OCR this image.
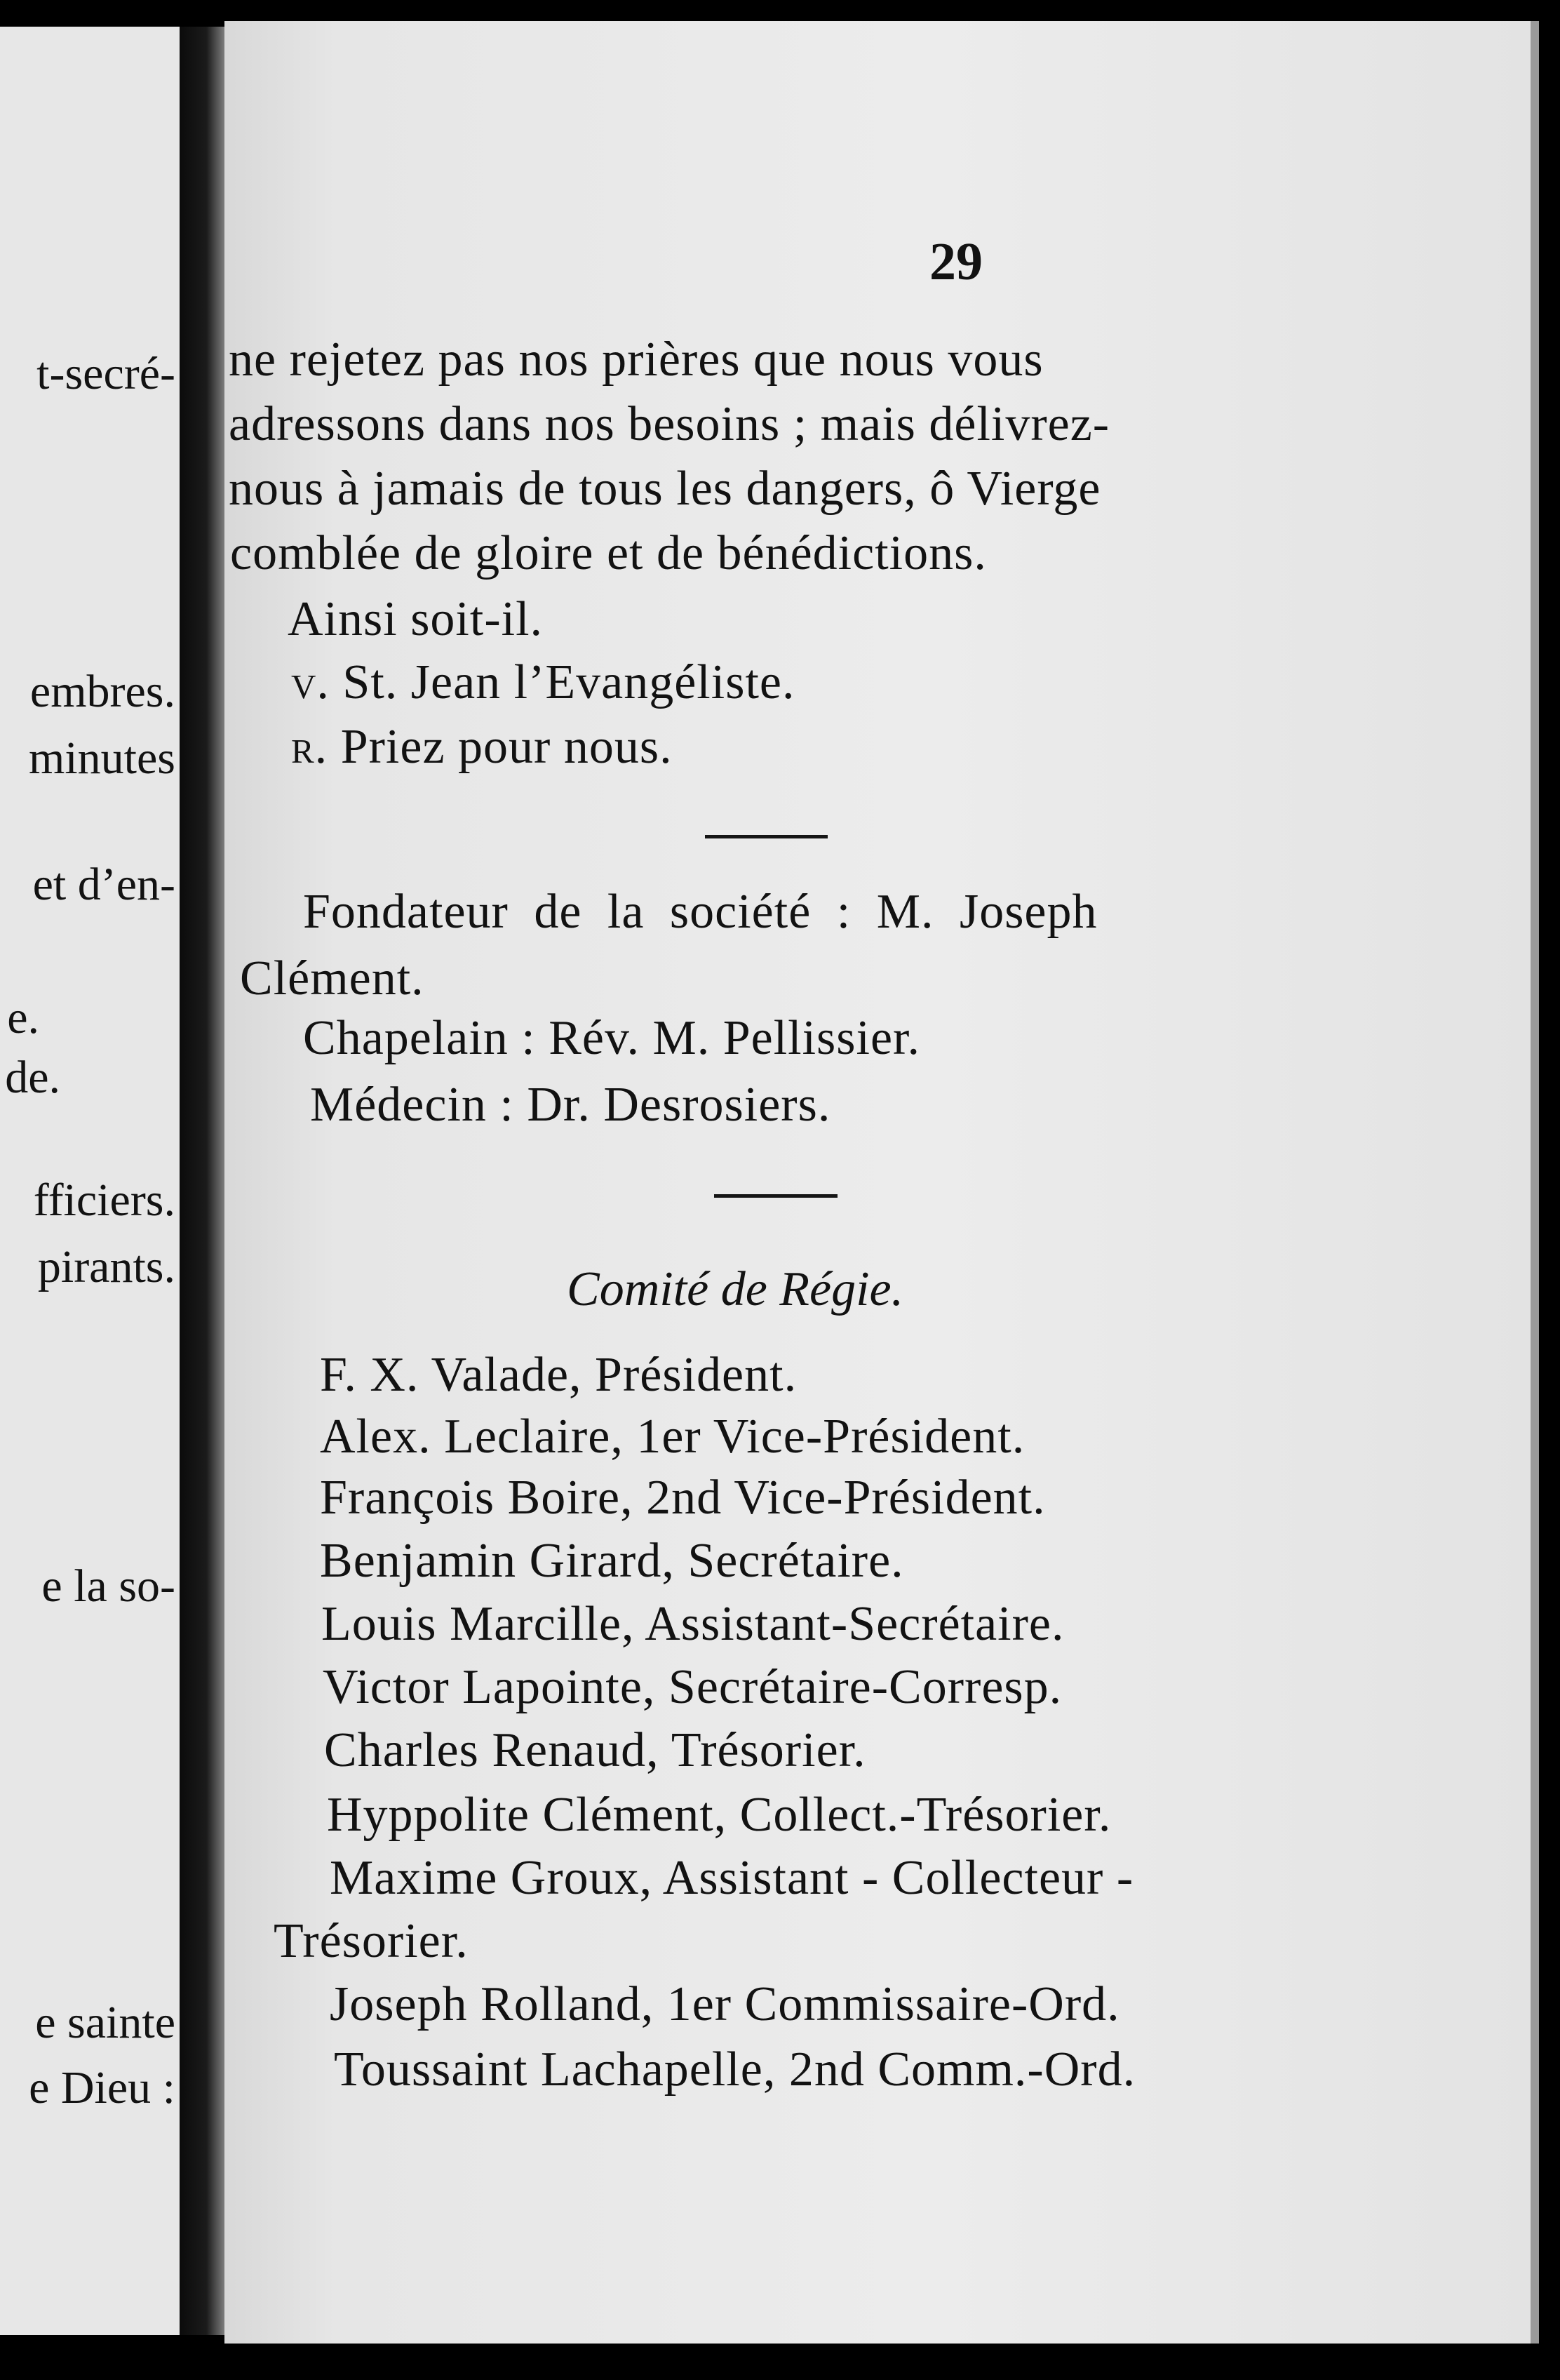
t-secré-
embres.
minutes
et d’en-
e.
de.
fficiers.
pirants.
e la so-
e sainte
e Dieu :
29
ne rejetez pas nos prières que nous vous
adressons dans nos besoins ; mais délivrez-
nous à jamais de tous les dangers, ô Vierge
comblée de gloire et de bénédictions.
Ainsi soit-il.
v. St. Jean l’Evangéliste.
r. Priez pour nous.
Fondateur de la société : M. Joseph
Clément.
Chapelain : Rév. M. Pellissier.
Médecin : Dr. Desrosiers.
Comité de Régie.
F. X. Valade, Président.
Alex. Leclaire, 1er Vice-Président.
François Boire, 2nd Vice-Président.
Benjamin Girard, Secrétaire.
Louis Marcille, Assistant-Secrétaire.
Victor Lapointe, Secrétaire-Corresp.
Charles Renaud, Trésorier.
Hyppolite Clément, Collect.-Trésorier.
Maxime Groux, Assistant - Collecteur -
Trésorier.
Joseph Rolland, 1er Commissaire-Ord.
Toussaint Lachapelle, 2nd Comm.-Ord.
